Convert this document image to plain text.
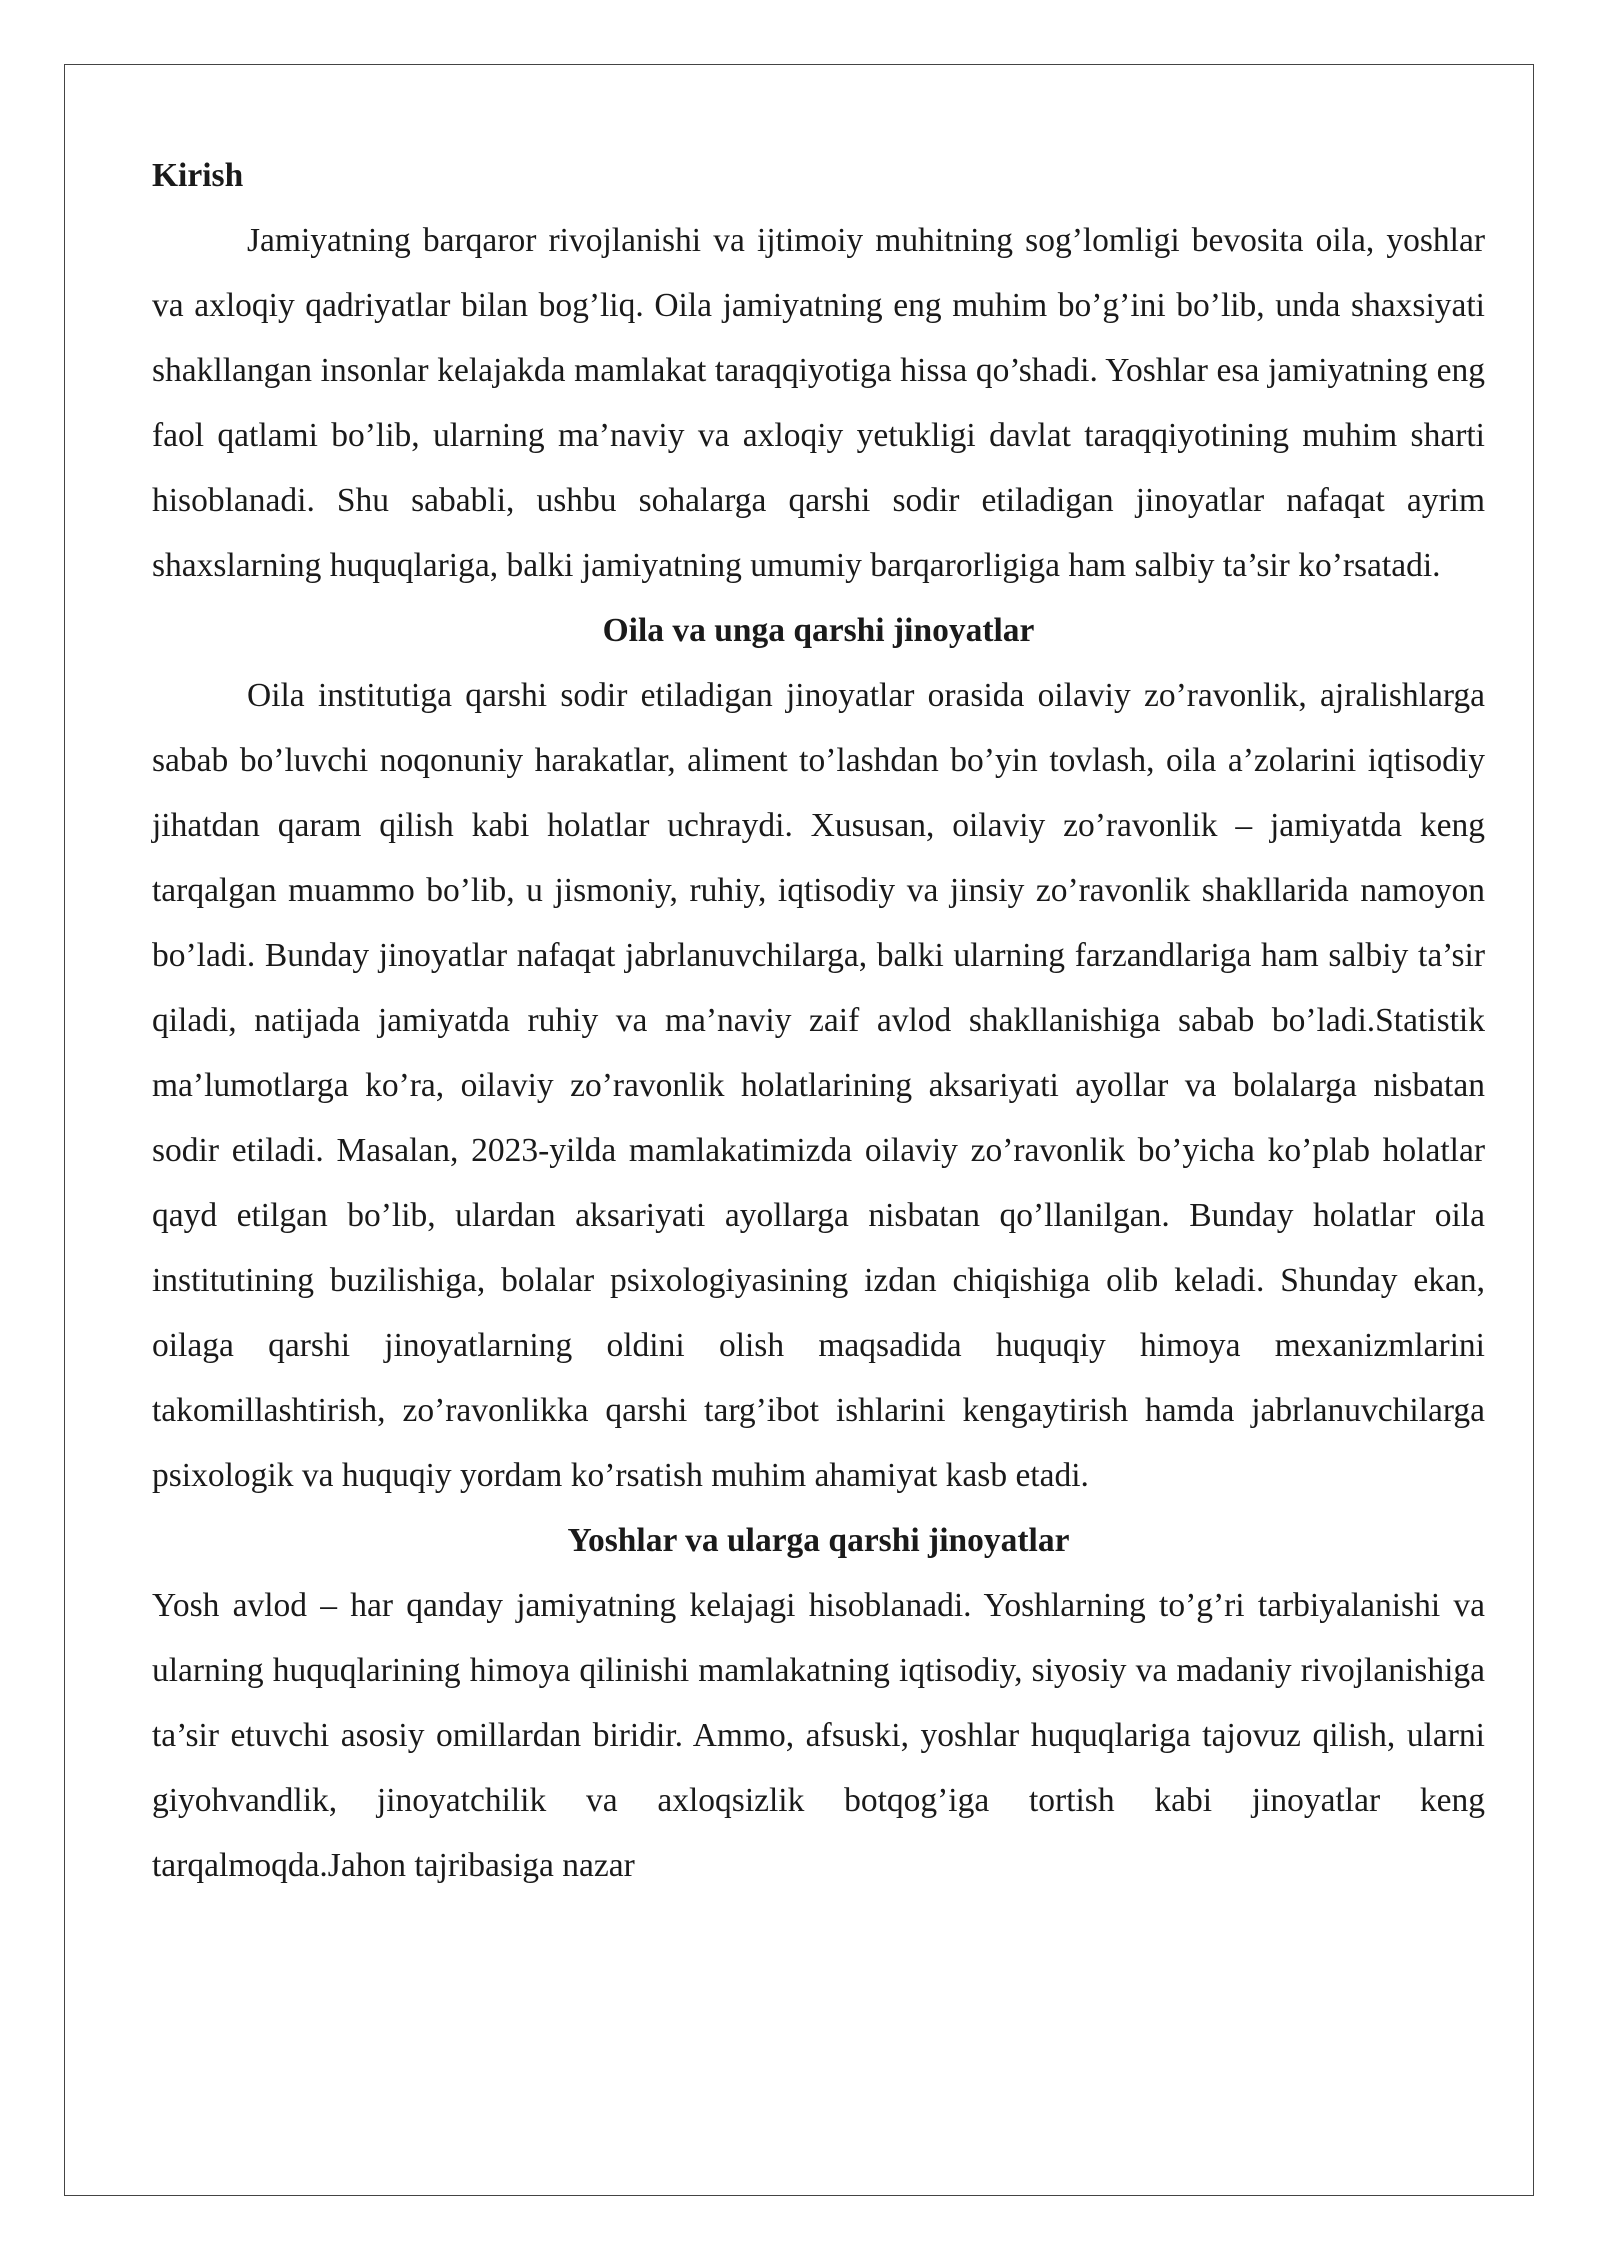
Kirish

Jamiyatning barqaror rivojlanishi va ijtimoiy muhitning sog’lomligi bevosita oila, yoshlar va axloqiy qadriyatlar bilan bog’liq. Oila jamiyatning eng muhim bo’g’ini bo’lib, unda shaxsiyati shakllangan insonlar kelajakda mamlakat taraqqiyotiga hissa qo’shadi. Yoshlar esa jamiyatning eng faol qatlami bo’lib, ularning ma’naviy va axloqiy yetukligi davlat taraqqiyotining muhim sharti hisoblanadi. Shu sababli, ushbu sohalarga qarshi sodir etiladigan jinoyatlar nafaqat ayrim shaxslarning huquqlariga, balki jamiyatning umumiy barqarorligiga ham salbiy ta’sir ko’rsatadi.

Oila va unga qarshi jinoyatlar

Oila institutiga qarshi sodir etiladigan jinoyatlar orasida oilaviy zo’ravonlik, ajralishlarga sabab bo’luvchi noqonuniy harakatlar, aliment to’lashdan bo’yin tovlash, oila a’zolarini iqtisodiy jihatdan qaram qilish kabi holatlar uchraydi. Xususan, oilaviy zo’ravonlik – jamiyatda keng tarqalgan muammo bo’lib, u jismoniy, ruhiy, iqtisodiy va jinsiy zo’ravonlik shakllarida namoyon bo’ladi. Bunday jinoyatlar nafaqat jabrlanuvchilarga, balki ularning farzandlariga ham salbiy ta’sir qiladi, natijada jamiyatda ruhiy va ma’naviy zaif avlod shakllanishiga sabab bo’ladi.Statistik ma’lumotlarga ko’ra, oilaviy zo’ravonlik holatlarining aksariyati ayollar va bolalarga nisbatan sodir etiladi. Masalan, 2023-yilda mamlakatimizda oilaviy zo’ravonlik bo’yicha ko’plab holatlar qayd etilgan bo’lib, ulardan aksariyati ayollarga nisbatan qo’llanilgan. Bunday holatlar oila institutining buzilishiga, bolalar psixologiyasining izdan chiqishiga olib keladi. Shunday ekan, oilaga qarshi jinoyatlarning oldini olish maqsadida huquqiy himoya mexanizmlarini takomillashtirish, zo’ravonlikka qarshi targ’ibot ishlarini kengaytirish hamda jabrlanuvchilarga psixologik va huquqiy yordam ko’rsatish muhim ahamiyat kasb etadi.

Yoshlar va ularga qarshi jinoyatlar

Yosh avlod – har qanday jamiyatning kelajagi hisoblanadi. Yoshlarning to’g’ri tarbiyalanishi va ularning huquqlarining himoya qilinishi mamlakatning iqtisodiy, siyosiy va madaniy rivojlanishiga ta’sir etuvchi asosiy omillardan biridir. Ammo, afsuski, yoshlar huquqlariga tajovuz qilish, ularni giyohvandlik, jinoyatchilik va axloqsizlik botqog’iga tortish kabi jinoyatlar keng tarqalmoqda.Jahon tajribasiga nazar
